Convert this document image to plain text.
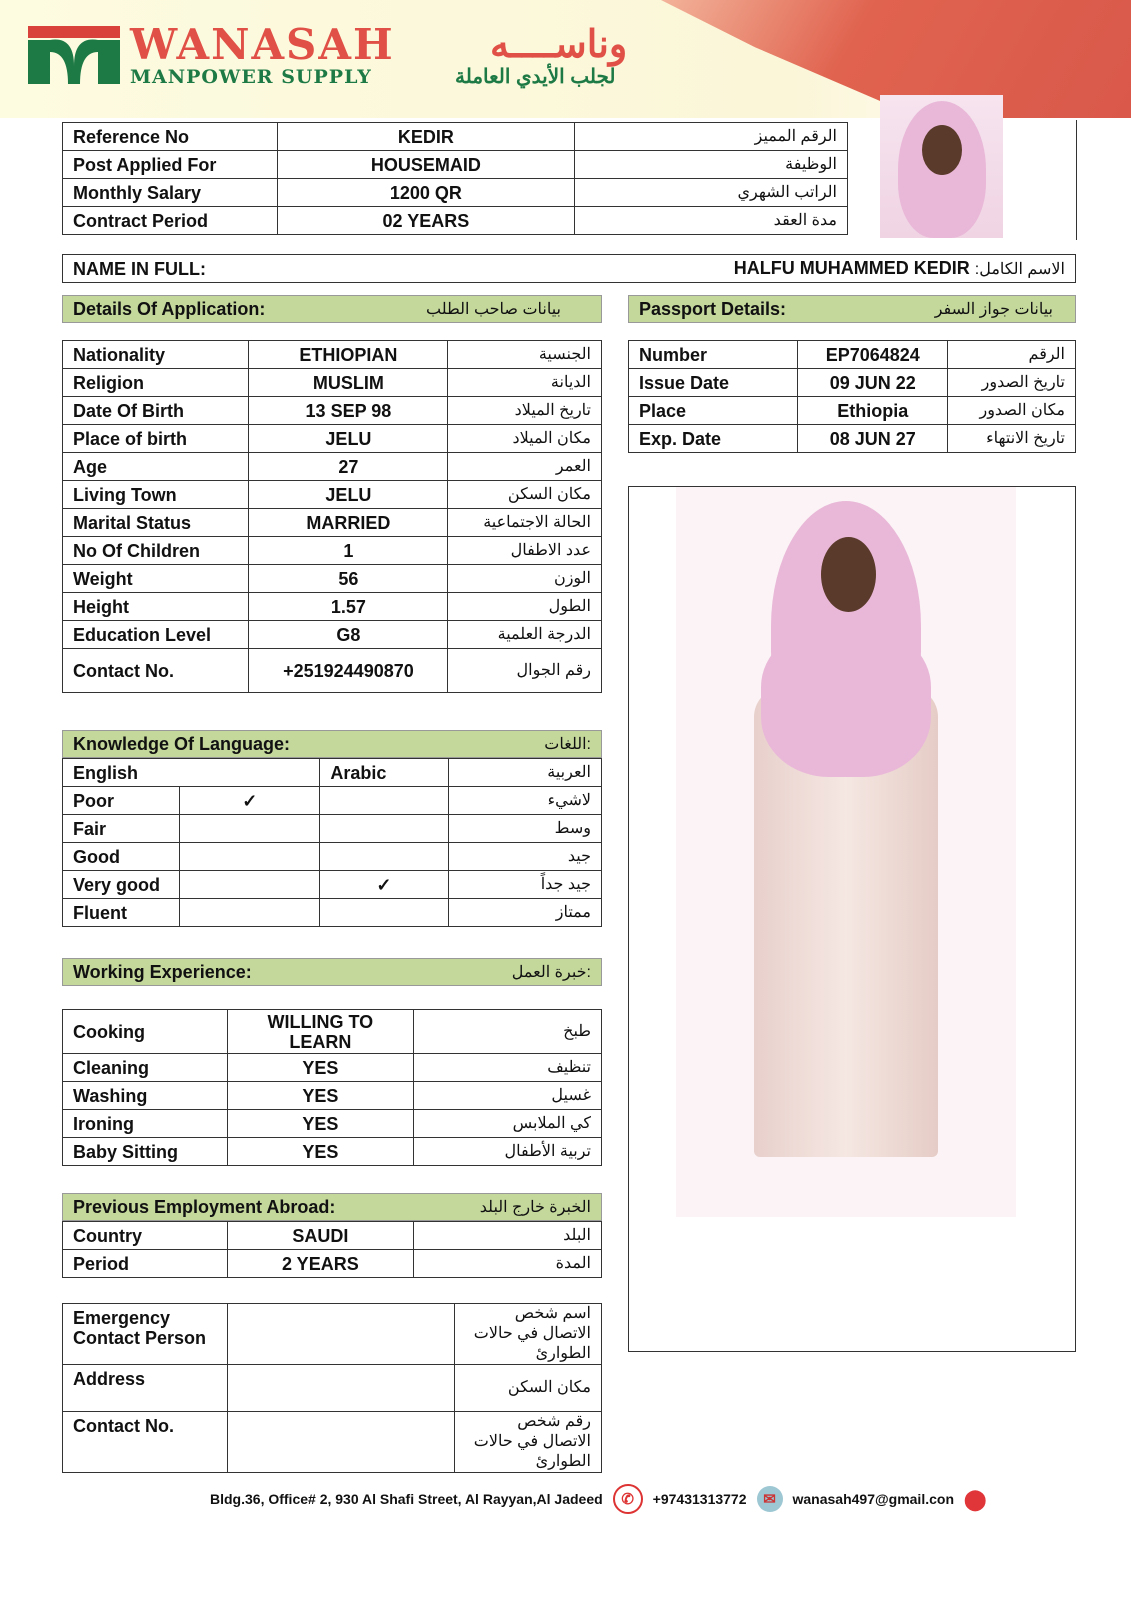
WANASAH	وناســــه
MANPOWER SUPPLY	لجلب الأيدي العاملة
Reference No	KEDIR	الرقم المميز
Post Applied For	HOUSEMAID	الوظيفة
Monthly Salary	1200 QR	الراتب الشهري
Contract Period	02 YEARS	مدة العقد
NAME IN FULL:	HALFU MUHAMMED KEDIR :الاسم الكامل
Details Of Application:	بيانات صاحب الطلب	Passport Details:	بيانات جواز السفر
Nationality	ETHIOPIAN	الجنسية
Religion	MUSLIM	الديانة
Date Of Birth	13 SEP 98	تاريخ الميلاد
Place of birth	JELU	مكان الميلاد
Age	27	العمر
Living Town	JELU	مكان السكن
Marital Status	MARRIED	الحالة الاجتماعية
No Of Children	1	عدد الاطفال
Weight	56	الوزن
Height	1.57	الطول
Education Level	G8	الدرجة العلمية
Contact No.	+251924490870	رقم الجوال
Number	EP7064824	الرقم
Issue Date	09 JUN 22	تاريخ الصدور
Place	Ethiopia	مكان الصدور
Exp. Date	08 JUN 27	تاريخ الانتهاء
Knowledge Of Language:	:اللغات
English		Arabic	العربية
Poor	✓		لاشيء
Fair			وسط
Good			جيد
Very good		✓	جيد جداً
Fluent			ممتاز
Working Experience:	:خبرة العمل
Cooking	WILLING TO LEARN	طبخ
Cleaning	YES	تنظيف
Washing	YES	غسيل
Ironing	YES	كي الملابس
Baby Sitting	YES	تربية الأطفال
Previous Employment Abroad:	الخبرة خارج البلد
Country	SAUDI	البلد
Period	2 YEARS	المدة
Emergency Contact Person		اسم شخص الاتصال في حالات الطوارئ
Address		مكان السكن
Contact No.		رقم شخص الاتصال في حالات الطوارئ
Bldg.36, Office# 2, 930 Al Shafi Street, Al Rayyan,Al Jadeed	✆	+97431313772	✉	wanasah497@gmail.con ⬤
